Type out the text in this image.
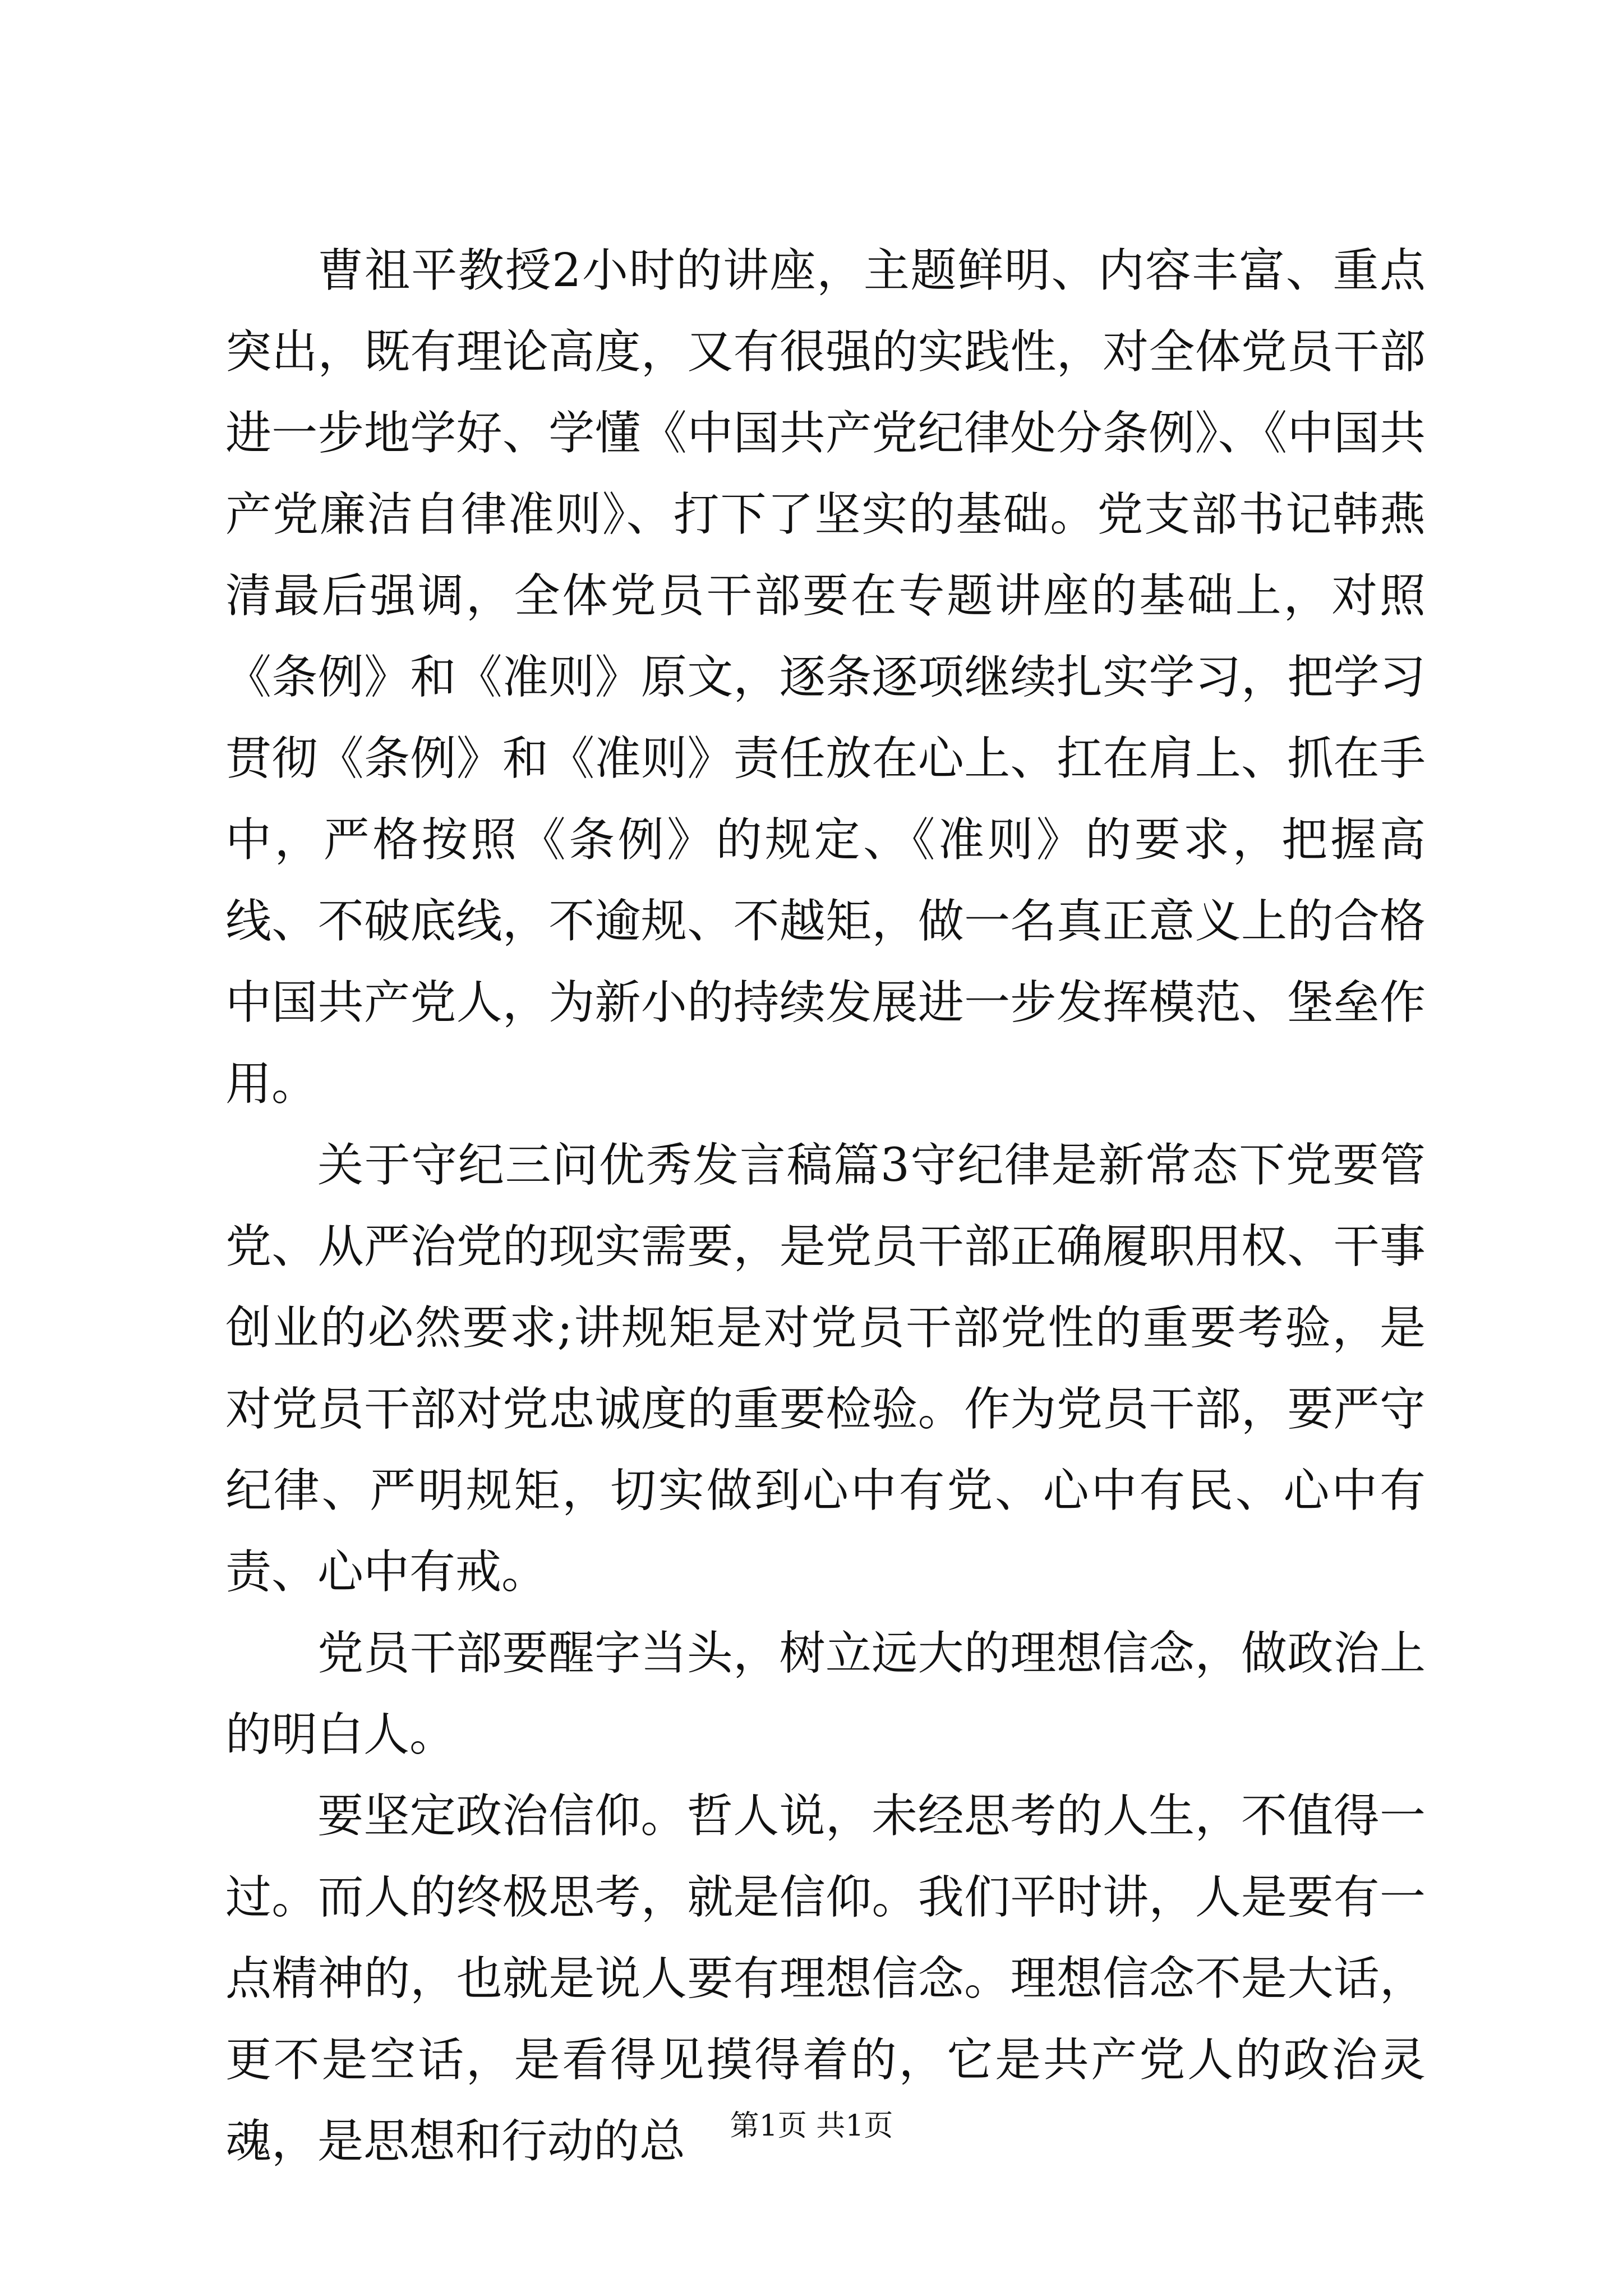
曹祖平教授2小时的讲座，主题鲜明、内容丰富、重点突出，既有理论高度，又有很强的实践性，对全体党员干部进一步地学好、学懂《中国共产党纪律处分条例》、《中国共产党廉洁自律准则》、打下了坚实的基础。党支部书记韩燕清最后强调，全体党员干部要在专题讲座的基础上，对照《条例》和《准则》原文，逐条逐项继续扎实学习，把学习贯彻《条例》和《准则》责任放在心上、扛在肩上、抓在手中，严格按照《条例》的规定、《准则》的要求，把握高线、不破底线，不逾规、不越矩，做一名真正意义上的合格中国共产党人，为新小的持续发展进一步发挥模范、堡垒作用。

关于守纪三问优秀发言稿篇3守纪律是新常态下党要管党、从严治党的现实需要，是党员干部正确履职用权、干事创业的必然要求;讲规矩是对党员干部党性的重要考验，是对党员干部对党忠诚度的重要检验。作为党员干部，要严守纪律、严明规矩，切实做到心中有党、心中有民、心中有责、心中有戒。

党员干部要醒字当头，树立远大的理想信念，做政治上的明白人。

要坚定政治信仰。哲人说，未经思考的人生，不值得一过。而人的终极思考，就是信仰。我们平时讲，人是要有一点精神的，也就是说人要有理想信念。理想信念不是大话，更不是空话，是看得见摸得着的，它是共产党人的政治灵魂，是思想和行动的总	第1页 共1页
